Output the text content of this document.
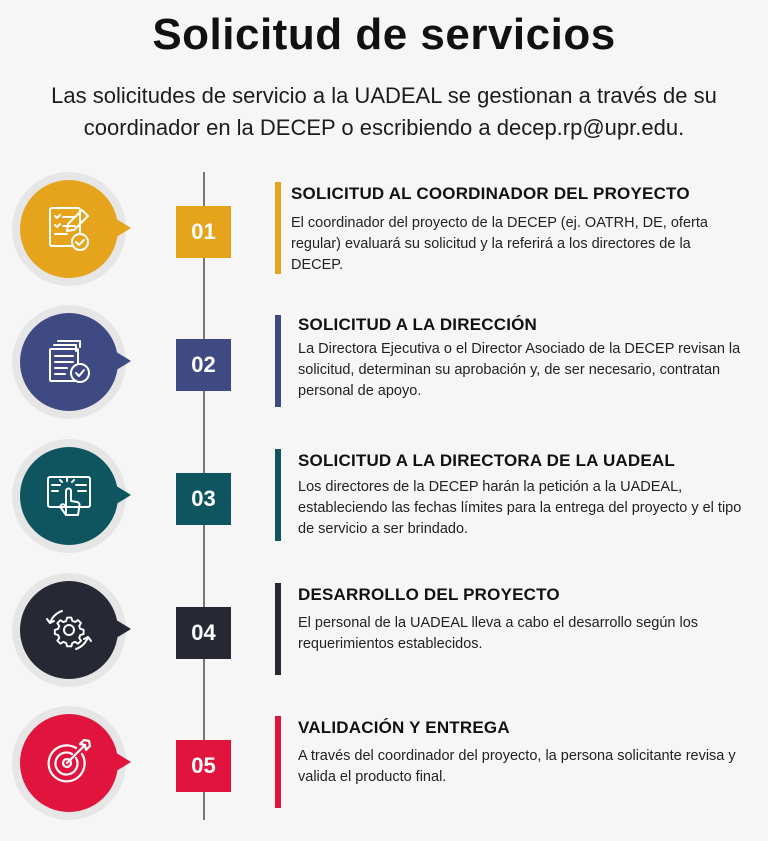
Solicitud de servicios
Las solicitudes de servicio a la UADEAL se gestionan a través de su coordinador en la DECEP o escribiendo a decep.rp@upr.edu.
01
SOLICITUD AL COORDINADOR DEL PROYECTO
El coordinador del proyecto de la DECEP (ej. OATRH, DE, oferta regular) evaluará su solicitud y la referirá a los directores de la DECEP.
02
SOLICITUD A LA DIRECCIÓN
La Directora Ejecutiva o el Director Asociado de la DECEP revisan la solicitud, determinan su aprobación y, de ser necesario, contratan personal de apoyo.
03
SOLICITUD A LA DIRECTORA DE LA UADEAL
Los directores de la DECEP harán la petición a la UADEAL, estableciendo las fechas límites para la entrega del proyecto y el tipo de servicio a ser brindado.
04
DESARROLLO DEL PROYECTO
El personal de la UADEAL lleva a cabo el desarrollo según los requerimientos establecidos.
05
VALIDACIÓN Y ENTREGA
A través del coordinador del proyecto, la persona solicitante revisa y valida el producto final.
